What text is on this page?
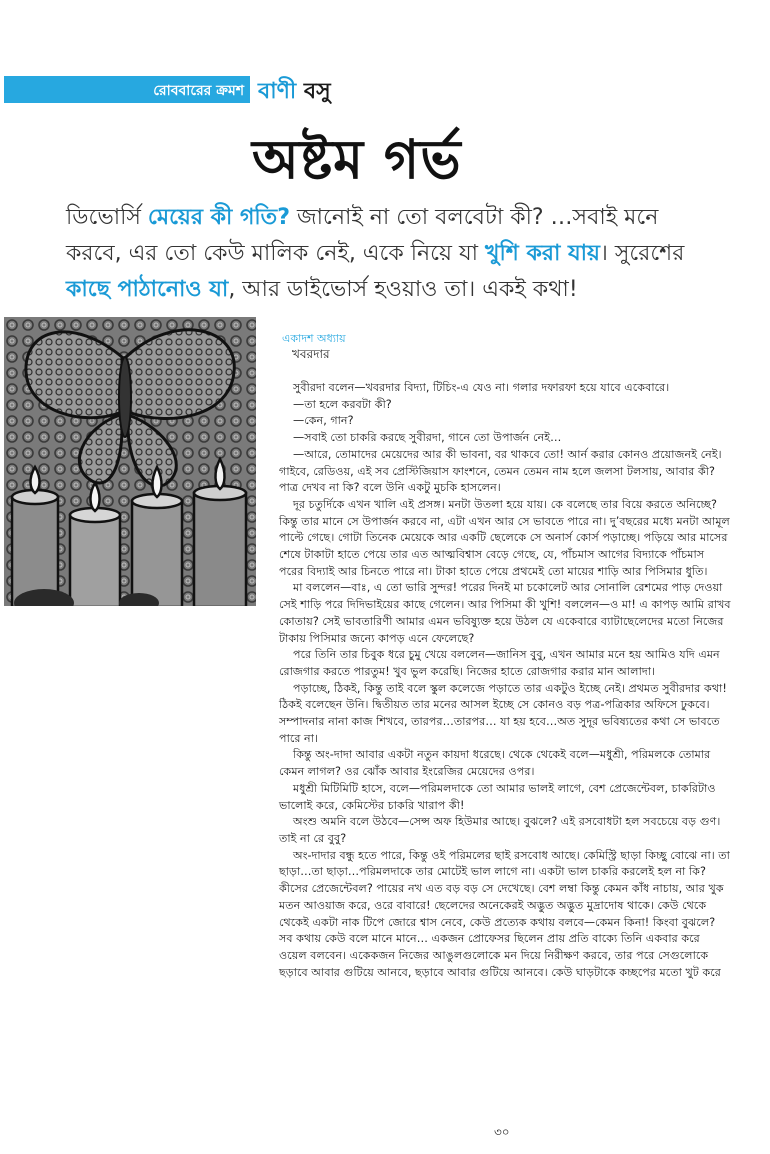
রোববারের ক্রমশ বাণী বসু
অষ্টম গর্ভ
ডিভোর্সি মেয়ের কী গতি? জানোই না তো বলবেটা কী? …সবাই মনে করবে, এর তো কেউ মালিক নেই, একে নিয়ে যা খুশি করা যায়। সুরেশের কাছে পাঠানোও যা, আর ডাইভোর্স হওয়াও তা। একই কথা!
একাদশ অধ্যায়
খবরদার

সুবীরদা বলেন—খবরদার বিদ্যা, টিচিং-এ যেও না। গলার দফারফা হয়ে যাবে একেবারে।

—তা হলে করবটা কী?

—কেন, গান?

—সবাই তো চাকরি করছে সুবীরদা, গানে তো উপার্জন নেই…

—আরে, তোমাদের মেয়েদের আর কী ভাবনা, বর থাকবে তো! আর্ন করার কোনও প্রয়োজনই নেই। গাইবে, রেডিওয়, এই সব প্রেস্টিজিয়াস ফাংশনে, তেমন তেমন নাম হলে জলসা টলসায়, আবার কী? পাত্র দেখব না কি? বলে উনি একটু মুচকি হাসলেন।

দূর চতুর্দিকে এখন খালি এই প্রসঙ্গ। মনটা উতলা হয়ে যায়। কে বলেছে তার বিয়ে করতে অনিচ্ছে? কিন্তু তার মানে সে উপার্জন করবে না, এটা এখন আর সে ভাবতে পারে না। দু’বছরের মধ্যে মনটা আমূল পাল্টে গেছে। গোটা তিনেক মেয়েকে আর একটি ছেলেকে সে অনার্স কোর্স পড়াচ্ছে। পড়িয়ে আর মাসের শেষে টাকাটা হাতে পেয়ে তার এত আত্মবিশ্বাস বেড়ে গেছে, যে, পাঁচমাস আগের বিদ্যাকে পাঁচমাস পরের বিদ্যাই আর চিনতে পারে না। টাকা হাতে পেয়ে প্রথমেই তো মায়ের শাড়ি আর পিসিমার ধুতি।

মা বললেন—বাঃ, এ তো ভারি সুন্দর! পরের দিনই মা চকোলেট আর সোনালি রেশমের পাড় দেওয়া সেই শাড়ি পরে দিদিভাইয়ের কাছে গেলেন। আর পিসিমা কী খুশি! বললেন—ও মা! এ কাপড় আমি রাখব কোতায়? সেই ভাবতারিণী আমার এমন ভবিষ্যুক্ত হয়ে উঠল যে একেবারে ব্যাটাছেলেদের মতো নিজের টাকায় পিসিমার জন্যে কাপড় এনে ফেলেছে?

পরে তিনি তার চিবুক ধরে চুমু খেয়ে বললেন—জানিস বুবু, এখন আমার মনে হয় আমিও যদি এমন রোজগার করতে পারতুম! খুব ভুল করেছি। নিজের হাতে রোজগার করার মান আলাদা।

পড়াচ্ছে, ঠিকই, কিন্তু তাই বলে স্কুল কলেজে পড়াতে তার একটুও ইচ্ছে নেই। প্রথমত সুবীরদার কথা! ঠিকই বলেছেন উনি। দ্বিতীয়ত তার মনের আসল ইচ্ছে সে কোনও বড় পত্র-পত্রিকার অফিসে ঢুকবে। সম্পাদনার নানা কাজ শিখবে, তারপর…তারপর… যা হয় হবে…অত সুদূর ভবিষ্যতের কথা সে ভাবতে পারে না।

কিন্তু অং-দাদা আবার একটা নতুন কায়দা ধরেছে। থেকে থেকেই বলে—মধুশ্রী, পরিমলকে তোমার কেমন লাগল? ওর ঝোঁক আবার ইংরেজির মেয়েদের ওপর।

মধুশ্রী মিটিমিটি হাসে, বলে—পরিমলদাকে তো আমার ভালই লাগে, বেশ প্রেজেন্টেবল, চাকরিটাও ভালোই করে, কেমিস্টের চাকরি খারাপ কী!

অংশু অমনি বলে উঠবে—সেন্স অফ হিউমার আছে। বুঝলে? এই রসবোধটা হল সবচেয়ে বড় গুণ। তাই না রে বুবু?

অং-দাদার বন্ধু হতে পারে, কিন্তু ওই পরিমলের ছাই রসবোধ আছে। কেমিস্ট্রি ছাড়া কিচ্ছু বোঝে না। তা ছাড়া…তা ছাড়া…পরিমলদাকে তার মোটেই ভাল লাগে না। একটা ভাল চাকরি করলেই হল না কি? কীসের প্রেজেন্টেবল? পায়ের নখ এত বড় বড় সে দেখেছে। বেশ লম্বা কিন্তু কেমন কাঁধ নাচায়, আর খুক মতন আওয়াজ করে, ওরে বাবারে! ছেলেদের অনেকেরই অদ্ভুত অদ্ভুত মুদ্রাদোষ থাকে। কেউ থেকে থেকেই একটা নাক টিপে জোরে শ্বাস নেবে, কেউ প্রত্যেক কথায় বলবে—কেমন কিনা! কিংবা বুঝলে? সব কথায় কেউ বলে মানে মানে… একজন প্রোফেসর ছিলেন প্রায় প্রতি বাক্যে তিনি একবার করে ওয়েল বলবেন। একেকজন নিজের আঙুলগুলোকে মন দিয়ে নিরীক্ষণ করবে, তার পরে সেগুলোকে ছড়াবে আবার গুটিয়ে আনবে, ছড়াবে আবার গুটিয়ে আনবে। কেউ ঘাড়টাকে কচ্ছপের মতো খুট করে

৩০
